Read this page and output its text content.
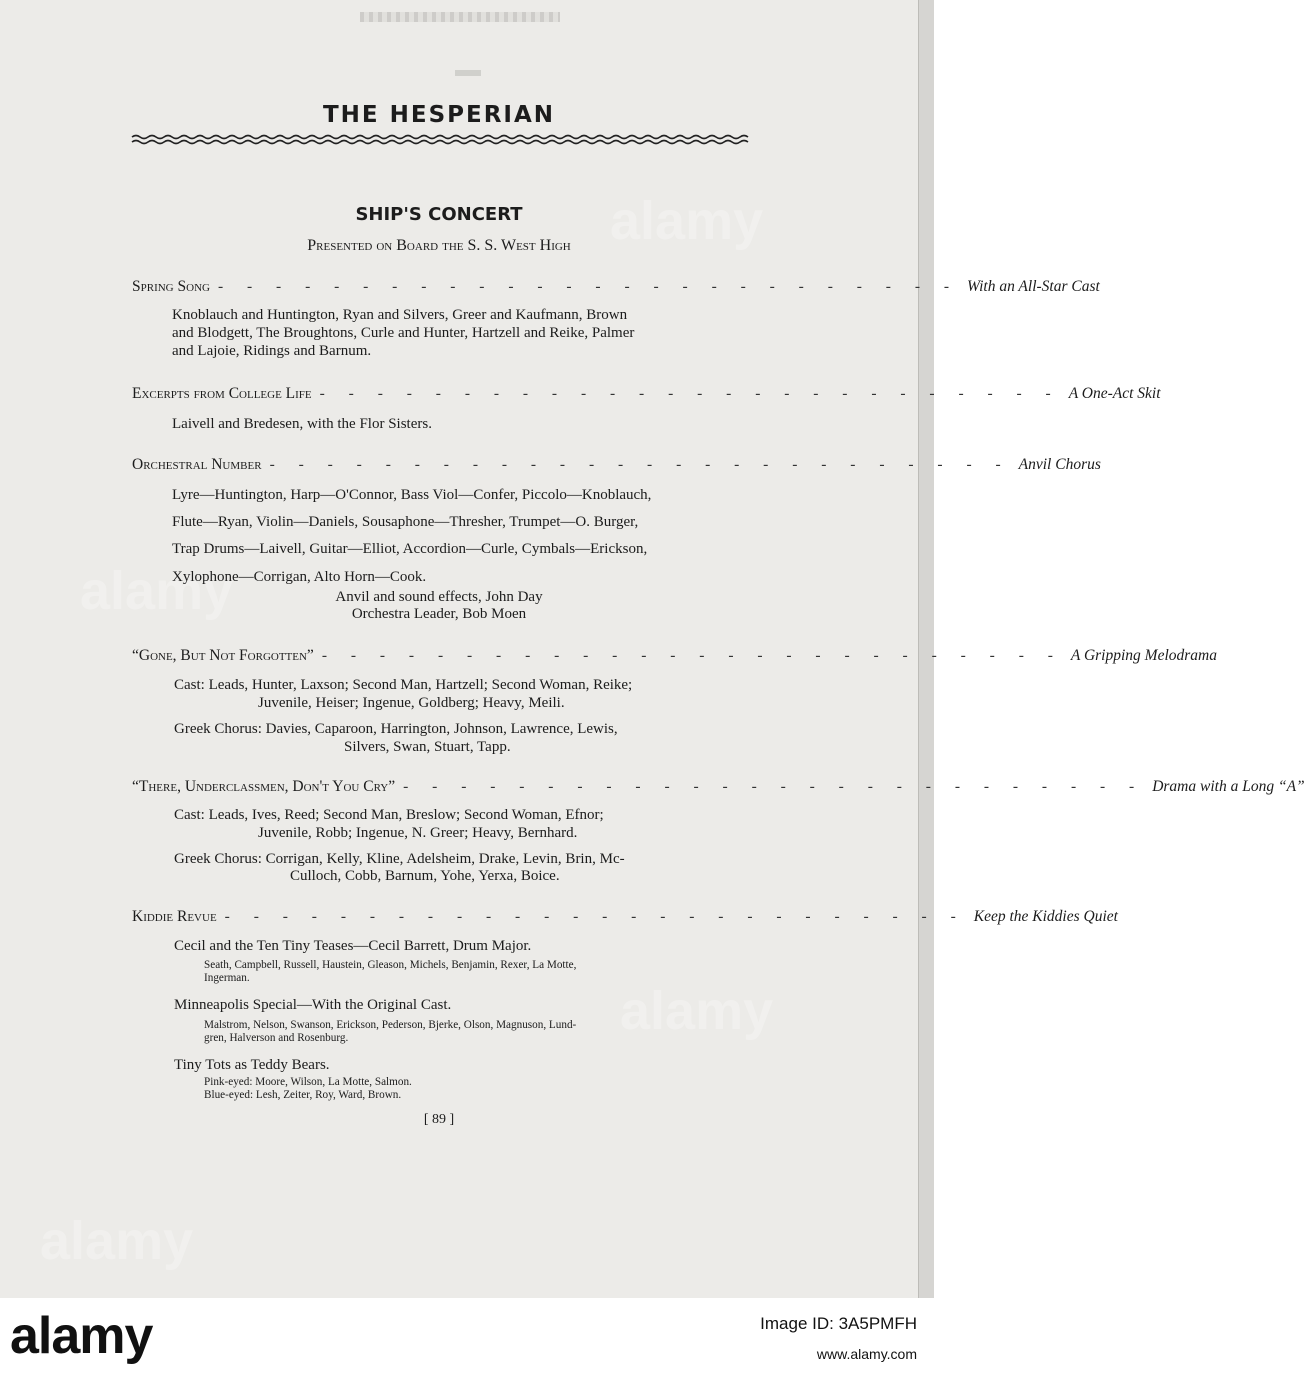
alamy
alamy
alamy
alamy
THE HESPERIAN
SHIP'S CONCERT
Presented on Board the S. S. West High
Spring Song - - - - - - - - - - - - - - - - - - - - - - - - - - With an All-Star Cast
Knoblauch and Huntington, Ryan and Silvers, Greer and Kaufmann, Brown
and Blodgett, The Broughtons, Curle and Hunter, Hartzell and Reike, Palmer
and Lajoie, Ridings and Barnum.
Excerpts from College Life - - - - - - - - - - - - - - - - - - - - - - - - - - A One-Act Skit
Laivell and Bredesen, with the Flor Sisters.
Orchestral Number - - - - - - - - - - - - - - - - - - - - - - - - - - Anvil Chorus
Lyre—Huntington, Harp—O'Connor, Bass Viol—Confer, Piccolo—Knoblauch,
Flute—Ryan, Violin—Daniels, Sousaphone—Thresher, Trumpet—O. Burger,
Trap Drums—Laivell, Guitar—Elliot, Accordion—Curle, Cymbals—Erickson,
Xylophone—Corrigan, Alto Horn—Cook.
Anvil and sound effects, John Day
Orchestra Leader, Bob Moen
“Gone, But Not Forgotten” - - - - - - - - - - - - - - - - - - - - - - - - - - A Gripping Melodrama
Cast: Leads, Hunter, Laxson; Second Man, Hartzell; Second Woman, Reike;
Juvenile, Heiser; Ingenue, Goldberg; Heavy, Meili.
Greek Chorus: Davies, Caparoon, Harrington, Johnson, Lawrence, Lewis,
Silvers, Swan, Stuart, Tapp.
“There, Underclassmen, Don't You Cry” - - - - - - - - - - - - - - - - - - - - - - - - - - Drama with a Long “A”
Cast: Leads, Ives, Reed; Second Man, Breslow; Second Woman, Efnor;
Juvenile, Robb; Ingenue, N. Greer; Heavy, Bernhard.
Greek Chorus: Corrigan, Kelly, Kline, Adelsheim, Drake, Levin, Brin, Mc-
Culloch, Cobb, Barnum, Yohe, Yerxa, Boice.
Kiddie Revue - - - - - - - - - - - - - - - - - - - - - - - - - - Keep the Kiddies Quiet
Cecil and the Ten Tiny Teases—Cecil Barrett, Drum Major.
Seath, Campbell, Russell, Haustein, Gleason, Michels, Benjamin, Rexer, La Motte,
Ingerman.
Minneapolis Special—With the Original Cast.
Malstrom, Nelson, Swanson, Erickson, Pederson, Bjerke, Olson, Magnuson, Lund-
gren, Halverson and Rosenburg.
Tiny Tots as Teddy Bears.
Pink-eyed: Moore, Wilson, La Motte, Salmon.
Blue-eyed: Lesh, Zeiter, Roy, Ward, Brown.
[ 89 ]
alamy	Image ID: 3A5PMFH
www.alamy.com
